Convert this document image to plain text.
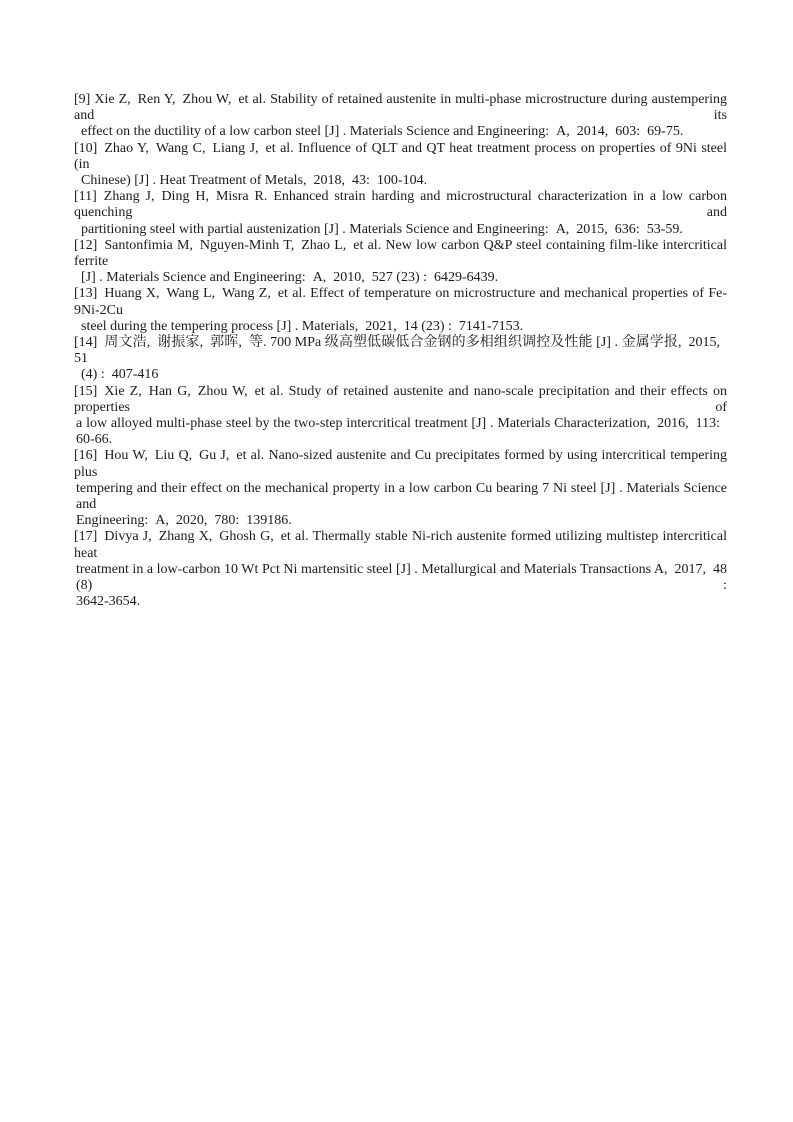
[9] Xie Z, Ren Y, Zhou W, et al. Stability of retained austenite in multi-phase microstructure during austempering and its
effect on the ductility of a low carbon steel [J] . Materials Science and Engineering: A, 2014, 603: 69-75.

[10] Zhao Y, Wang C, Liang J, et al. Influence of QLT and QT heat treatment process on properties of 9Ni steel (in
Chinese) [J] . Heat Treatment of Metals, 2018, 43: 100-104.

[11] Zhang J, Ding H, Misra R. Enhanced strain harding and microstructural characterization in a low carbon quenching and
partitioning steel with partial austenization [J] . Materials Science and Engineering: A, 2015, 636: 53-59.

[12] Santonfimia M, Nguyen-Minh T, Zhao L, et al. New low carbon Q&P steel containing film-like intercritical ferrite
[J] . Materials Science and Engineering: A, 2010, 527 (23) : 6429-6439.

[13] Huang X, Wang L, Wang Z, et al. Effect of temperature on microstructure and mechanical properties of Fe-9Ni-2Cu
steel during the tempering process [J] . Materials, 2021, 14 (23) : 7141-7153.

[14] 周文浩, 谢振家, 郭晖, 等. 700 MPa 级高塑低碳低合金钢的多相组织调控及性能 [J] . 金属学报, 2015, 51
(4) : 407-416

[15] Xie Z, Han G, Zhou W, et al. Study of retained austenite and nano-scale precipitation and their effects on properties of
a low alloyed multi-phase steel by the two-step intercritical treatment [J] . Materials Characterization, 2016, 113: 60-66.

[16] Hou W, Liu Q, Gu J, et al. Nano-sized austenite and Cu precipitates formed by using intercritical tempering plus
tempering and their effect on the mechanical property in a low carbon Cu bearing 7 Ni steel [J] . Materials Science and
Engineering: A, 2020, 780: 139186.

[17] Divya J, Zhang X, Ghosh G, et al. Thermally stable Ni-rich austenite formed utilizing multistep intercritical heat
treatment in a low-carbon 10 Wt Pct Ni martensitic steel [J] . Metallurgical and Materials Transactions A, 2017, 48 (8) :
3642-3654.
